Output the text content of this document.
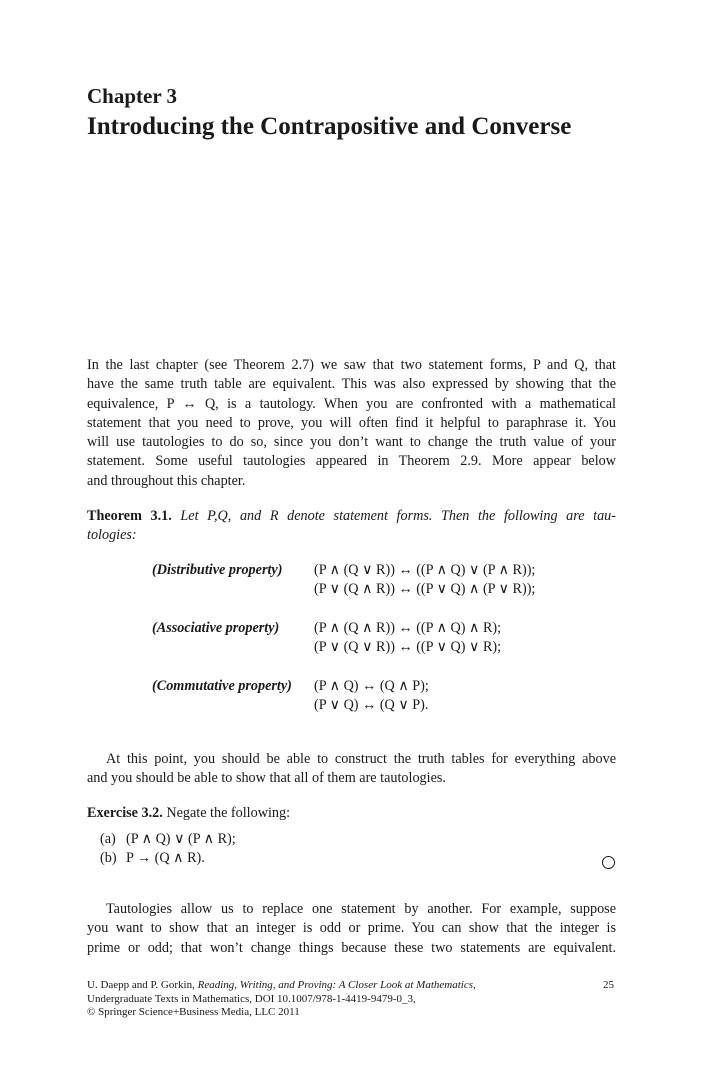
Chapter 3
Introducing the Contrapositive and Converse
In the last chapter (see Theorem 2.7) we saw that two statement forms, P and Q, that
have the same truth table are equivalent. This was also expressed by showing that the
equivalence, P ↔ Q, is a tautology. When you are confronted with a mathematical
statement that you need to prove, you will often find it helpful to paraphrase it. You
will use tautologies to do so, since you don’t want to change the truth value of your
statement. Some useful tautologies appeared in Theorem 2.9. More appear below
and throughout this chapter.
Theorem 3.1. Let P,Q, and R denote statement forms. Then the following are tau-
tologies:
(Distributive property) (P ∧ (Q ∨ R)) ↔ ((P ∧ Q) ∨ (P ∧ R));
(P ∨ (Q ∧ R)) ↔ ((P ∨ Q) ∧ (P ∨ R));
(Associative property) (P ∧ (Q ∧ R)) ↔ ((P ∧ Q) ∧ R);
(P ∨ (Q ∨ R)) ↔ ((P ∨ Q) ∨ R);
(Commutative property) (P ∧ Q) ↔ (Q ∧ P);
(P ∨ Q) ↔ (Q ∨ P).
At this point, you should be able to construct the truth tables for everything above
and you should be able to show that all of them are tautologies.
Exercise 3.2. Negate the following:
(a) (P ∧ Q) ∨ (P ∧ R);
(b) P → (Q ∧ R).
Tautologies allow us to replace one statement by another. For example, suppose
you want to show that an integer is odd or prime. You can show that the integer is
prime or odd; that won’t change things because these two statements are equivalent.
U. Daepp and P. Gorkin, Reading, Writing, and Proving: A Closer Look at Mathematics,
Undergraduate Texts in Mathematics, DOI 10.1007/978-1-4419-9479-0_3,
© Springer Science+Business Media, LLC 2011
25
